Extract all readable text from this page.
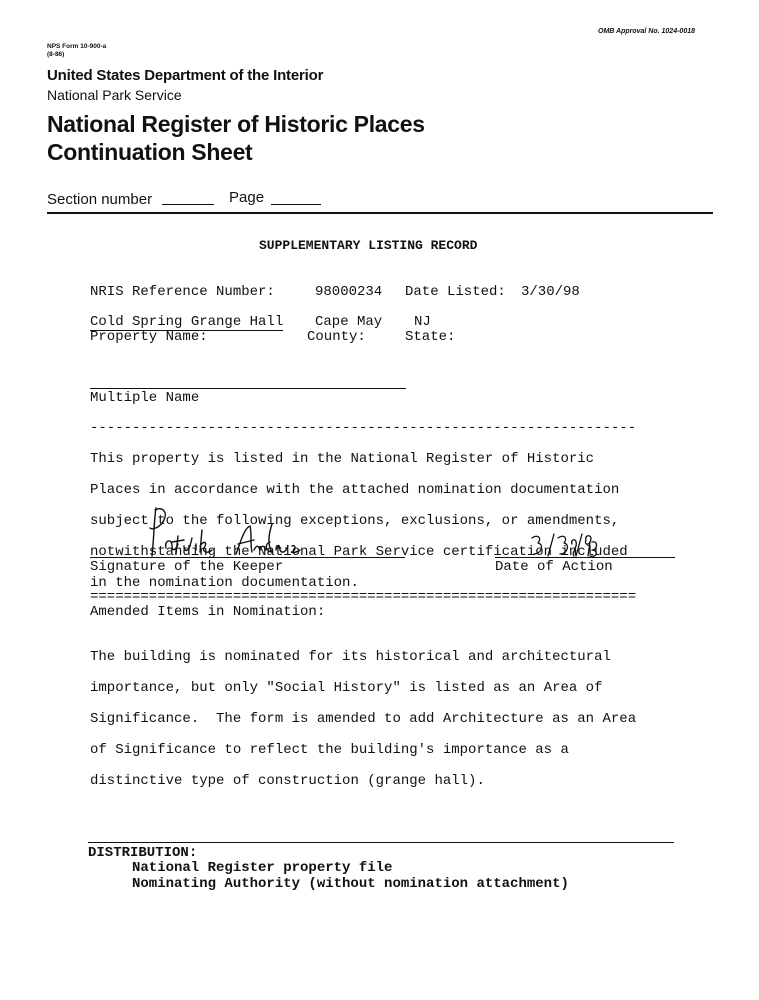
OMB Approval No. 1024-0018
NPS Form 10-900-a
(8-86)
United States Department of the Interior
National Park Service
National Register of Historic Places
Continuation Sheet
Section number	Page
SUPPLEMENTARY LISTING RECORD
NRIS Reference Number:	98000234 Date Listed: 3/30/98
Cold Spring Grange Hall Cape May NJ
Property Name:	County:	State:
Multiple Name
-----------------------------------------------------------------

This property is listed in the National Register of Historic

Places in accordance with the attached nomination documentation

subject to the following exceptions, exclusions, or amendments,

notwithstanding the National Park Service certification included

in the nomination documentation.

Signature of the Keeper	Date of Action
=================================================================
Amended Items in Nomination:

The building is nominated for its historical and architectural

importance, but only "Social History" is listed as an Area of

Significance.  The form is amended to add Architecture as an Area

of Significance to reflect the building's importance as a

distinctive type of construction (grange hall).

DISTRIBUTION:
National Register property file
Nominating Authority (without nomination attachment)
